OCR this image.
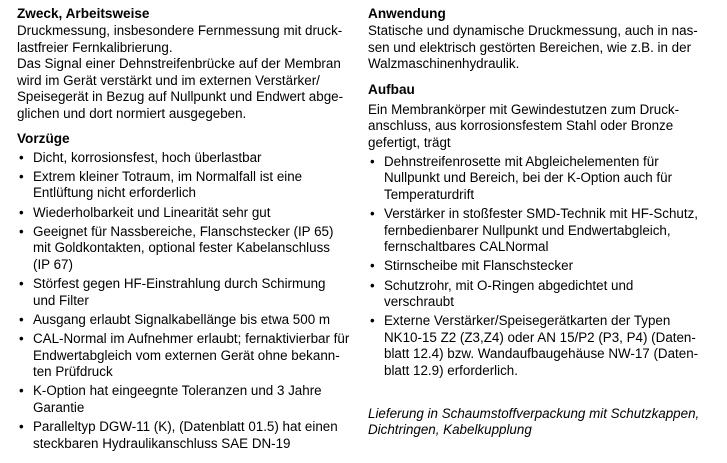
Zweck, Arbeitsweise

Druckmessung, insbesondere Fernmessung mit druck-
lastfreier Fernkalibrierung.

Das Signal einer Dehnstreifenbrücke auf der Membran
wird im Gerät verstärkt und im externen Verstärker/
Speisegerät in Bezug auf Nullpunkt und Endwert abge-
glichen und dort normiert ausgegeben.

Vorzüge
• Dicht, korrosionsfest, hoch überlastbar
• Extrem kleiner Totraum, im Normalfall ist eine
Entlüftung nicht erforderlich
• Wiederholbarkeit und Linearität sehr gut
• Geeignet für Nassbereiche, Flanschstecker (IP 65)
mit Goldkontakten, optional fester Kabelanschluss
(IP 67)
• Störfest gegen HF-Einstrahlung durch Schirmung
und Filter
• Ausgang erlaubt Signalkabellänge bis etwa 500 m
• CAL-Normal im Aufnehmer erlaubt; fernaktivierbar für
Endwertabgleich vom externen Gerät ohne bekann-
ten Prüfdruck
• K-Option hat eingeegnte Toleranzen und 3 Jahre
Garantie
• Paralleltyp DGW-11 (K), (Datenblatt 01.5) hat einen
steckbaren Hydraulikanschluss SAE DN-19
Anwendung

Statische und dynamische Druckmessung, auch in nas-
sen und elektrisch gestörten Bereichen, wie z.B. in der
Walzmaschinenhydraulik.

Aufbau

Ein Membrankörper mit Gewindestutzen zum Druck-
anschluss, aus korrosionsfestem Stahl oder Bronze
gefertigt, trägt

• Dehnstreifenrosette mit Abgleichelementen für
Nullpunkt und Bereich, bei der K-Option auch für
Temperaturdrift
• Verstärker in stoßfester SMD-Technik mit HF-Schutz,
fernbedienbarer Nullpunkt und Endwertabgleich,
fernschaltbares CALNormal
• Stirnscheibe mit Flanschstecker
• Schutzrohr, mit O-Ringen abgedichtet und
verschraubt
• Externe Verstärker/Speisegerätkarten der Typen
NK10-15 Z2 (Z3,Z4) oder AN 15/P2 (P3, P4) (Daten-
blatt 12.4) bzw. Wandaufbaugehäuse NW-17 (Daten-
blatt 12.9) erforderlich.

Lieferung in Schaumstoffverpackung mit Schutzkappen,
Dichtringen, Kabelkupplung
